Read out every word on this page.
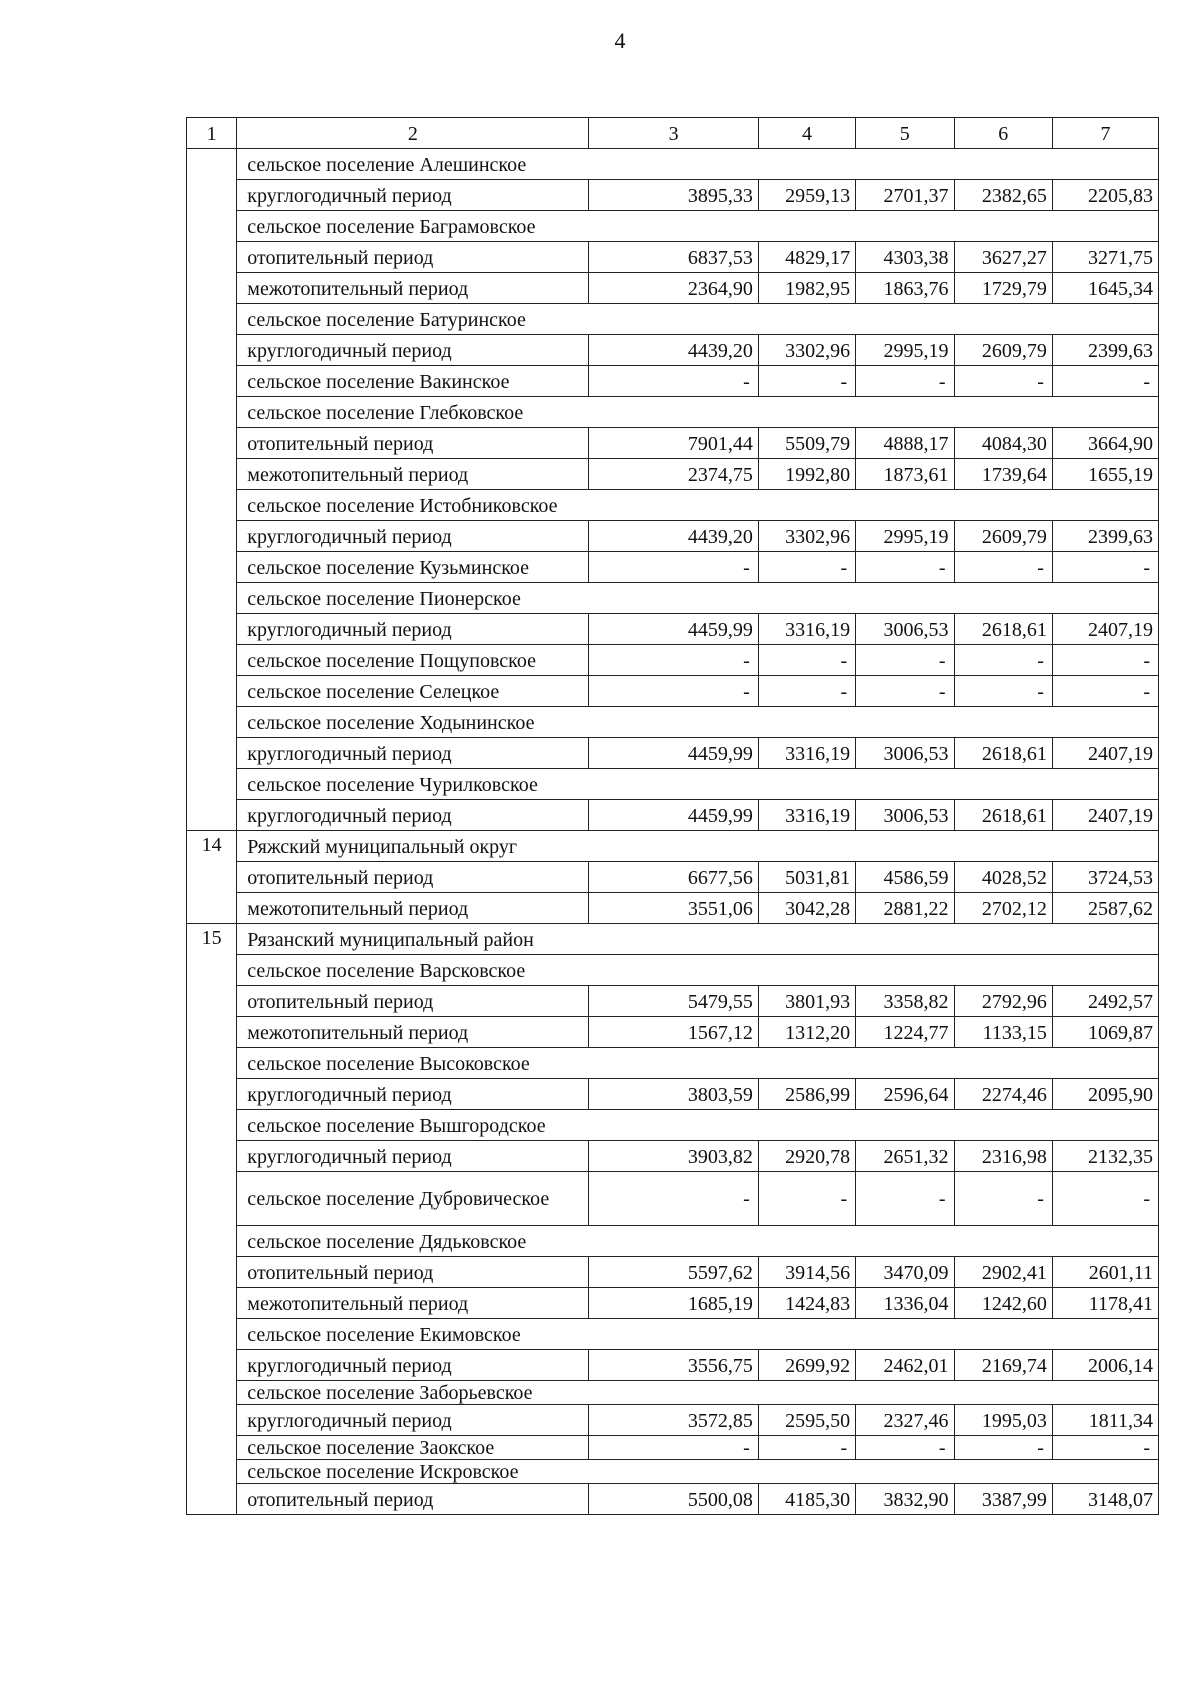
4
1	2	3	4	5	6	7
	сельское поселение Алешинское					
	круглогодичный период	3895,33	2959,13	2701,37	2382,65	2205,83
	сельское поселение Баграмовское					
	отопительный период	6837,53	4829,17	4303,38	3627,27	3271,75
	межотопительный период	2364,90	1982,95	1863,76	1729,79	1645,34
	сельское поселение Батуринское					
	круглогодичный период	4439,20	3302,96	2995,19	2609,79	2399,63
	сельское поселение Вакинское	-	-	-	-	-
	сельское поселение Глебковское					
	отопительный период	7901,44	5509,79	4888,17	4084,30	3664,90
	межотопительный период	2374,75	1992,80	1873,61	1739,64	1655,19
	сельское поселение Истобниковское					
	круглогодичный период	4439,20	3302,96	2995,19	2609,79	2399,63
	сельское поселение Кузьминское	-	-	-	-	-
	сельское поселение Пионерское					
	круглогодичный период	4459,99	3316,19	3006,53	2618,61	2407,19
	сельское поселение Пощуповское	-	-	-	-	-
	сельское поселение Селецкое	-	-	-	-	-
	сельское поселение Ходынинское					
	круглогодичный период	4459,99	3316,19	3006,53	2618,61	2407,19
	сельское поселение Чурилковское					
	круглогодичный период	4459,99	3316,19	3006,53	2618,61	2407,19
14	Ряжский муниципальный округ					
	отопительный период	6677,56	5031,81	4586,59	4028,52	3724,53
	межотопительный период	3551,06	3042,28	2881,22	2702,12	2587,62
15	Рязанский муниципальный район					
	сельское поселение Варсковское					
	отопительный период	5479,55	3801,93	3358,82	2792,96	2492,57
	межотопительный период	1567,12	1312,20	1224,77	1133,15	1069,87
	сельское поселение Высоковское					
	круглогодичный период	3803,59	2586,99	2596,64	2274,46	2095,90
	сельское поселение Вышгородское					
	круглогодичный период	3903,82	2920,78	2651,32	2316,98	2132,35
	сельское поселение Дубровическое	-	-	-	-	-
	сельское поселение Дядьковское					
	отопительный период	5597,62	3914,56	3470,09	2902,41	2601,11
	межотопительный период	1685,19	1424,83	1336,04	1242,60	1178,41
	сельское поселение Екимовское					
	круглогодичный период	3556,75	2699,92	2462,01	2169,74	2006,14
	сельское поселение Заборьевское					
	круглогодичный период	3572,85	2595,50	2327,46	1995,03	1811,34
	сельское поселение Заокское	-	-	-	-	-
	сельское поселение Искровское					
	отопительный период	5500,08	4185,30	3832,90	3387,99	3148,07
